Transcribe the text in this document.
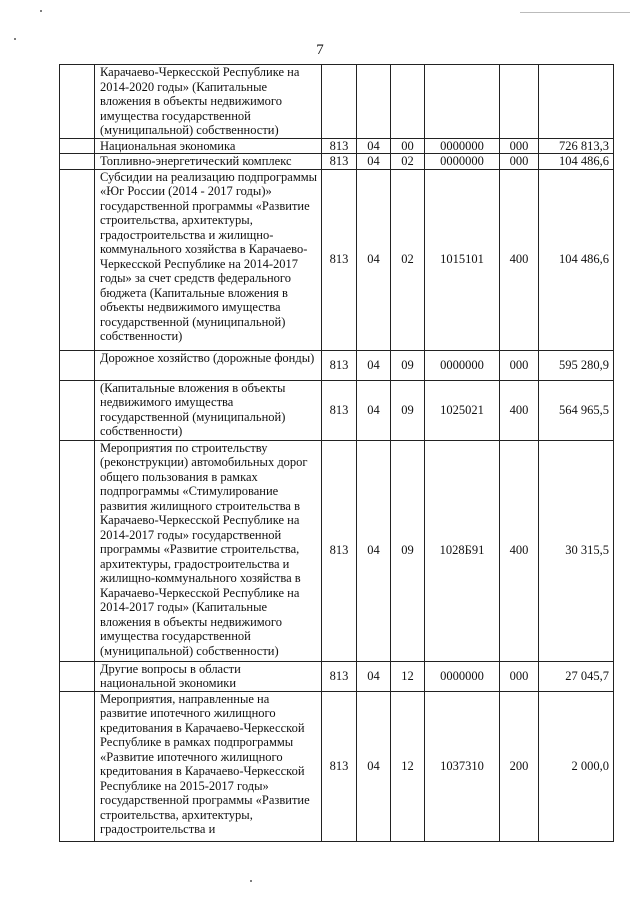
7
	Карачаево-Черкесской Республике на 2014-2020 годы» (Капитальные вложения в объекты недвижимого имущества государственной (муниципальной) собственности)						
	Национальная экономика	813	04	00	0000000	000	726 813,3
	Топливно-энергетический комплекс	813	04	02	0000000	000	104 486,6
	Субсидии на реализацию подпрограммы «Юг России (2014 - 2017 годы)» государственной программы «Развитие строительства, архитектуры, градостроительства и жилищно-коммунального хозяйства в Карачаево-Черкесской Республике на 2014-2017 годы» за счет средств федерального бюджета (Капитальные вложения в объекты недвижимого имущества государственной (муниципальной) собственности)	813	04	02	1015101	400	104 486,6
	Дорожное хозяйство (дорожные фонды)	813	04	09	0000000	000	595 280,9
	(Капитальные вложения в объекты недвижимого имущества государственной (муниципальной) собственности)	813	04	09	1025021	400	564 965,5
	Мероприятия по строительству (реконструкции) автомобильных дорог общего пользования в рамках подпрограммы «Стимулирование развития жилищного строительства в Карачаево-Черкесской Республике на 2014-2017 годы» государственной программы «Развитие строительства, архитектуры, градостроительства и жилищно-коммунального хозяйства в Карачаево-Черкесской Республике на 2014-2017 годы» (Капитальные вложения в объекты недвижимого имущества государственной (муниципальной) собственности)	813	04	09	1028Б91	400	30 315,5
	Другие вопросы в области национальной экономики	813	04	12	0000000	000	27 045,7
	Мероприятия, направленные на развитие ипотечного жилищного кредитования в Карачаево-Черкесской Республике в рамках подпрограммы «Развитие ипотечного жилищного кредитования в Карачаево-Черкесской Республике на 2015-2017 годы» государственной программы «Развитие строительства, архитектуры, градостроительства и	813	04	12	1037310	200	2 000,0
